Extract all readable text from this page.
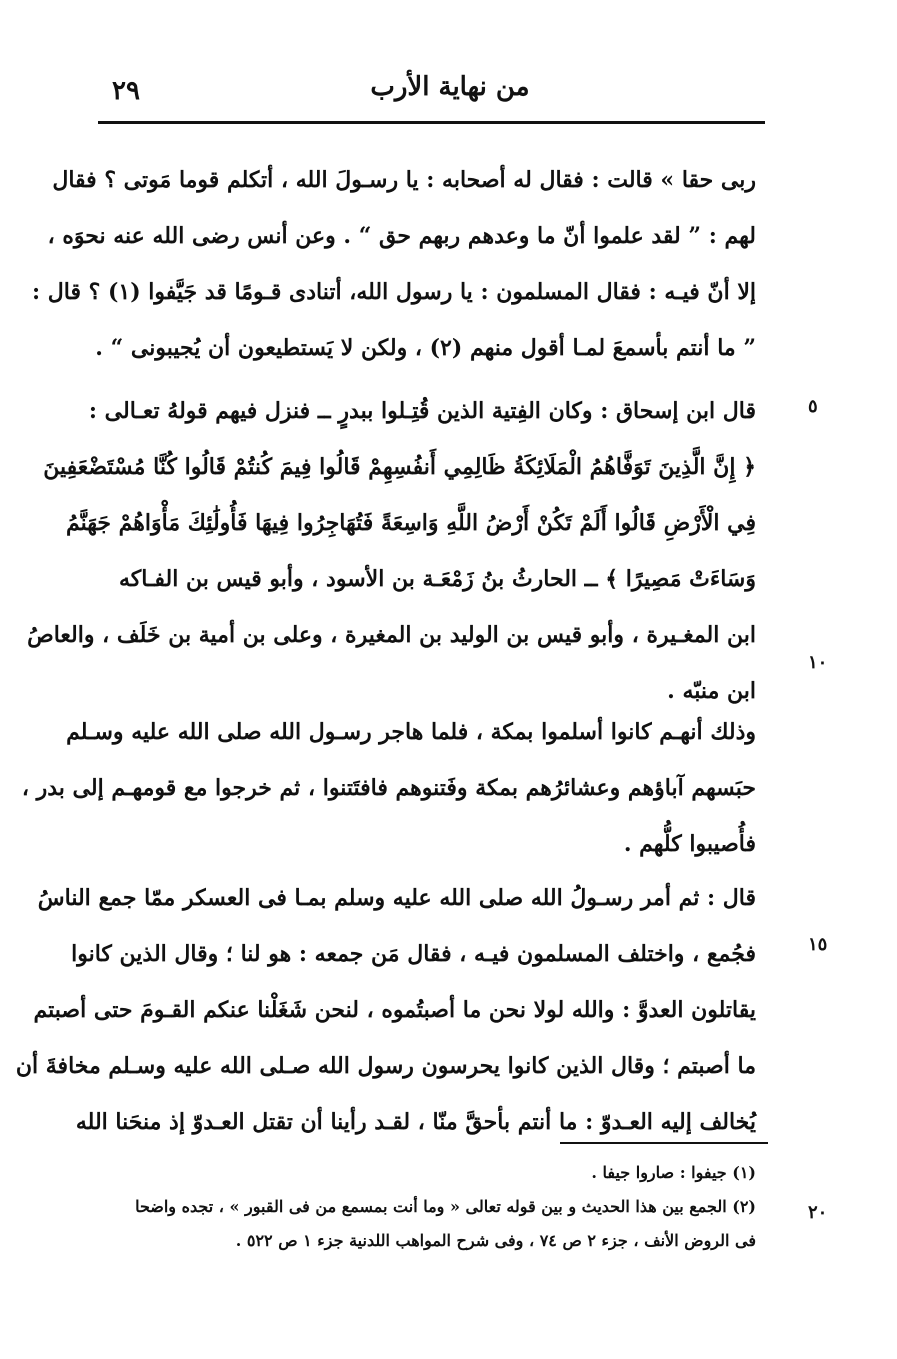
من نهاية الأرب
٢٩
ربى حقا » قالت : فقال له أصحابه : يا رسـولَ الله ، أتكلم قوما مَوتى ؟ فقال
لهم : ” لقد علموا أنّ ما وعدهم ربهم حق “ . وعن أنس رضى الله عنه نحوَه ،
إلا أنّ فيـه : فقال المسلمون : يا رسول الله، أتنادى قـومًا قد جَيَّفوا (١) ؟ قال :
” ما أنتم بأسمعَ لمـا أقول منهم (٢) ، ولكن لا يَستطيعون أن يُجيبونى “ .
قال ابن إسحاق : وكان الفِتية الذين قُتِـلوا ببدرٍ ــ فنزل فيهم قولهُ تعـالى :
﴿ إِنَّ الَّذِينَ تَوَفَّاهُمُ الْمَلَائِكَةُ ظَالِمِي أَنفُسِهِمْ قَالُوا فِيمَ كُنتُمْ قَالُوا كُنَّا مُسْتَضْعَفِينَ
فِي الْأَرْضِ قَالُوا أَلَمْ تَكُنْ أَرْضُ اللَّهِ وَاسِعَةً فَتُهَاجِرُوا فِيهَا فَأُولَٰئِكَ مَأْوَاهُمْ جَهَنَّمُ
وَسَاءَتْ مَصِيرًا ﴾ ــ الحارثُ بنُ زَمْعَـة بن الأسود ، وأبو قيس بن الفـاكه
ابن المغـيرة ، وأبو قيس بن الوليد بن المغيرة ، وعلى بن أمية بن خَلَف ، والعاصُ
ابن منبّه .
وذلك أنهـم كانوا أسلموا بمكة ، فلما هاجر رسـول الله صلى الله عليه وسـلم
حبَسهم آباؤهم وعشائرُهم بمكة وفَتنوهم فافتَتنوا ، ثم خرجوا مع قومهـم إلى بدر ،
فأُصيبوا كلُّهم .
قال : ثم أمر رسـولُ الله صلى الله عليه وسلم بمـا فى العسكر ممّا جمع الناسُ
فجُمع ، واختلف المسلمون فيـه ، فقال مَن جمعه : هو لنا ؛ وقال الذين كانوا
يقاتلون العدوَّ : والله لولا نحن ما أصبتُموه ، لنحن شَغَلْنا عنكم القـومَ حتى أصبتم
ما أصبتم ؛ وقال الذين كانوا يحرسون رسول الله صـلى الله عليه وسـلم مخافةَ أن
يُخالف إليه العـدوّ : ما أنتم بأحقَّ منّا ، لقـد رأينا أن تقتل العـدوّ إذ منحَنا الله
٥
١٠
١٥
٢٠
(١) جيفوا : صاروا جيفا .
(٢) الجمع بين هذا الحديث و بين قوله تعالى « وما أنت بمسمع من فى القبور » ، تجده واضحا
فى الروض الأنف ، جزء ٢ ص ٧٤ ، وفى شرح المواهب اللدنية جزء ١ ص ٥٢٢ .
